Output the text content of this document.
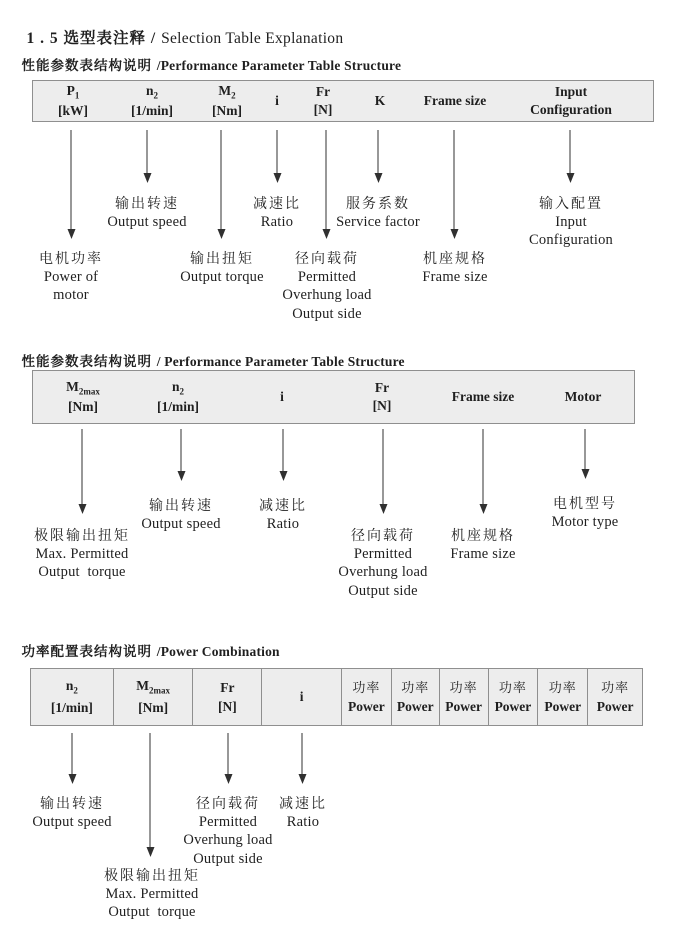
1 . 5 选型表注释 / Selection Table Explanation

性能参数表结构说明 /Performance Parameter Table Structure

$P_1$
[kW]
$n_2$
[1/min]
$M_2$
[Nm]
i
Fr
[N]
K	Frame size
Input
Configuration
电机功率
Power of
motor
输出转速
Output speed
输出扭矩
Output torque
减速比
Ratio
径向载荷
Permitted
Overhung load
Output side
服务系数
Service factor
机座规格
Frame size
输入配置
Input
Configuration

性能参数表结构说明 / Performance Parameter Table Structure

$M_{2max}$
[Nm]
$n_2$
[1/min]
i
Fr
[N]
Frame size	Motor
极限输出扭矩
Max. Permitted
Output  torque
输出转速
Output speed
减速比
Ratio
径向载荷
Permitted
Overhung load
Output side
机座规格
Frame size
电机型号
Motor type

功率配置表结构说明 /Power Combination

$n_2$
[1/min]
$M_{2max}$
[Nm]
Fr
[N]
i
功率
Power
功率
Power
功率
Power
功率
Power
功率
Power
功率
Power
输出转速
Output speed
极限输出扭矩
Max. Permitted
Output  torque
径向载荷
Permitted
Overhung load
Output side
减速比
Ratio
